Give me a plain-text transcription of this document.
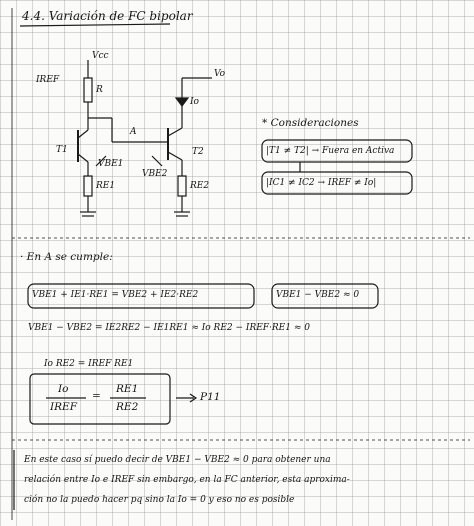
4.4. Variación de FC bipolar
Vcc
IREF
R
Vo
Io
A
T1	T2
VBE1
VBE2
RE1	RE2
* Consideraciones
|T1 ≠ T2| → Fuera en Activa
|IC1 ≠ IC2 → IREF ≠ Io|
· En A se cumple:
VBE1 + IE1·RE1 = VBE2 + IE2·RE2	VBE1 − VBE2 ≈ 0
VBE1 − VBE2 = IE2RE2 − IE1RE1 ≈ Io RE2 − IREF·RE1 ≈ 0
Io RE2 = IREF RE1
Io
IREF
=
RE1
RE2
P11
En este caso sí puedo decir de VBE1 − VBE2 ≈ 0 para obtener una
relación entre Io e IREF sin embargo, en la FC anterior, esta aproxima-
ción no la puedo hacer pq sino la Io = 0 y eso no es posible
